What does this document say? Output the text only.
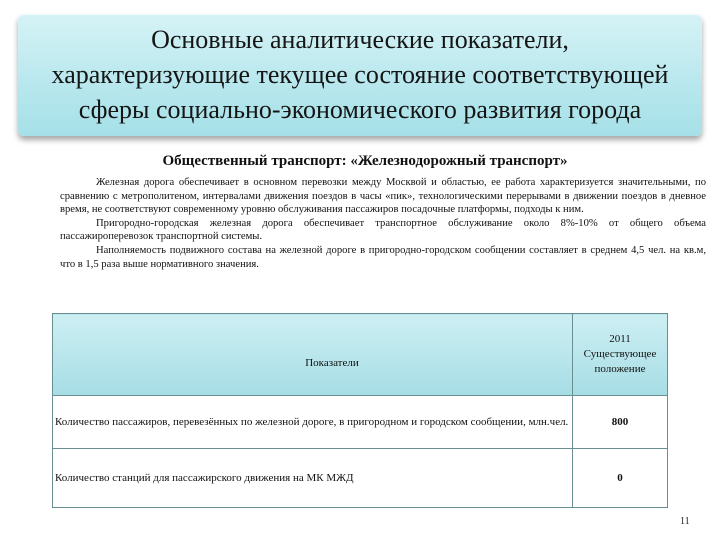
Основные аналитические показатели,
характеризующие текущее состояние соответствующей
сферы социально-экономического развития города
Общественный транспорт: «Железнодорожный транспорт»

Железная дорога обеспечивает в основном перевозки между Москвой и областью, ее работа характеризуется значительными, по сравнению с метрополитеном, интервалами движения поездов в часы «пик», технологическими перерывами в движении поездов в дневное время, не соответствуют современному уровню обслуживания пассажиров посадочные платформы, подходы к ним.

Пригородно-городская железная дорога обеспечивает транспортное обслуживание около 8%-10% от общего объема пассажироперевозок транспортной системы.

Наполняемость подвижного состава на железной дороге в пригородно-городском сообщении составляет в среднем 4,5 чел. на кв.м, что в 1,5 раза выше нормативного значения.

Показатели	2011
Существующее
положение

Количество пассажиров, перевезённых по железной дороге, в пригородном и городском сообщении, млн.чел.	800
Количество станций для пассажирского движения на МК МЖД	0
11
